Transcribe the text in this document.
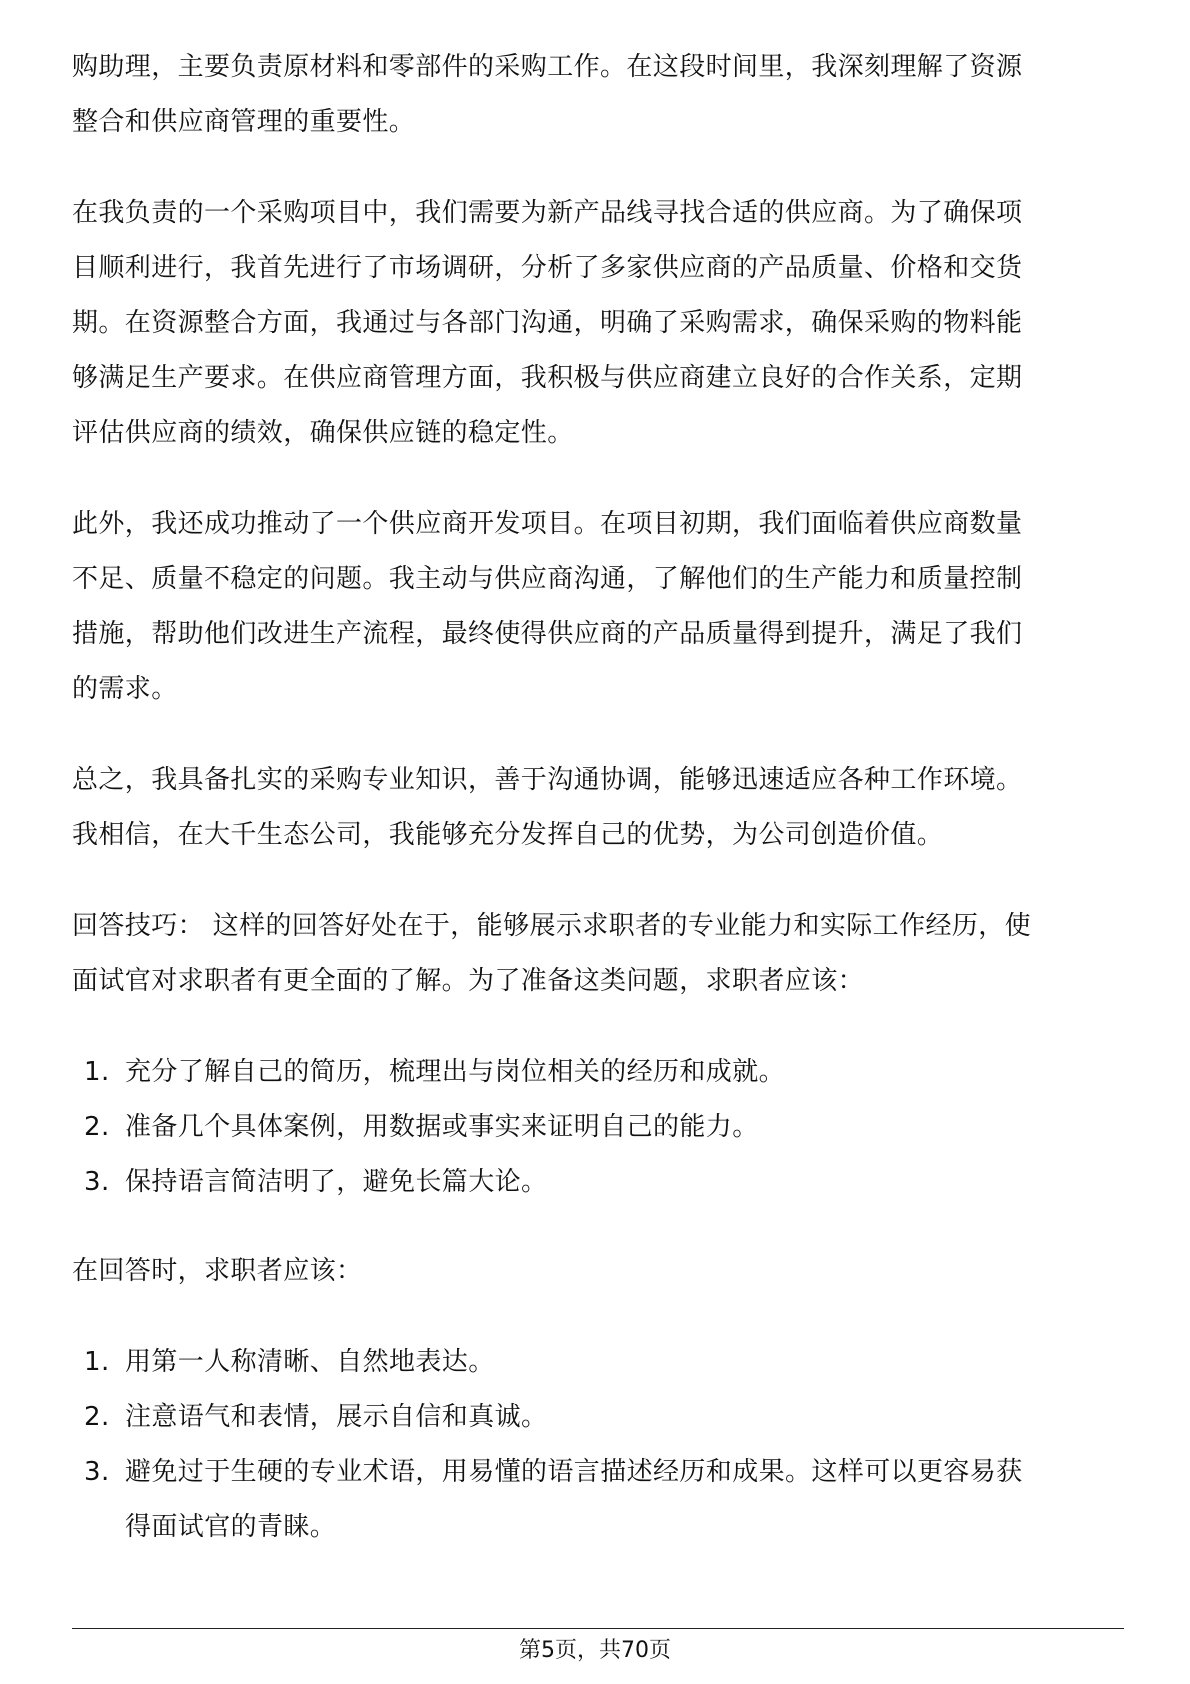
购助理，主要负责原材料和零部件的采购工作。在这段时间里，我深刻理解了资源
整合和供应商管理的重要性。
在我负责的一个采购项目中，我们需要为新产品线寻找合适的供应商。为了确保项
目顺利进行，我首先进行了市场调研，分析了多家供应商的产品质量、价格和交货
期。在资源整合方面，我通过与各部门沟通，明确了采购需求，确保采购的物料能
够满足生产要求。在供应商管理方面，我积极与供应商建立良好的合作关系，定期
评估供应商的绩效，确保供应链的稳定性。
此外，我还成功推动了一个供应商开发项目。在项目初期，我们面临着供应商数量
不足、质量不稳定的问题。我主动与供应商沟通，了解他们的生产能力和质量控制
措施，帮助他们改进生产流程，最终使得供应商的产品质量得到提升，满足了我们
的需求。
总之，我具备扎实的采购专业知识，善于沟通协调，能够迅速适应各种工作环境。
我相信，在大千生态公司，我能够充分发挥自己的优势，为公司创造价值。
回答技巧： 这样的回答好处在于，能够展示求职者的专业能力和实际工作经历，使
面试官对求职者有更全面的了解。为了准备这类问题，求职者应该：
1. 充分了解自己的简历，梳理出与岗位相关的经历和成就。
2. 准备几个具体案例，用数据或事实来证明自己的能力。
3. 保持语言简洁明了，避免长篇大论。
在回答时，求职者应该：
1. 用第一人称清晰、自然地表达。
2. 注意语气和表情，展示自信和真诚。
3. 避免过于生硬的专业术语，用易懂的语言描述经历和成果。这样可以更容易获
得面试官的青睐。
第5页，共70页
